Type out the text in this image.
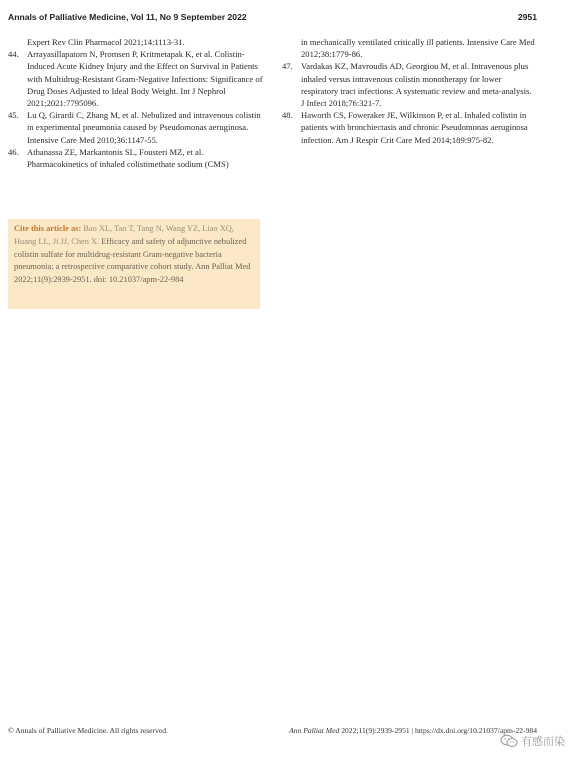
Annals of Palliative Medicine, Vol 11, No 9 September 2022	2951
Expert Rev Clin Pharmacol 2021;14:1113-31.
44. Arrayasillapatorn N, Promsen P, Kritmetapak K, et al. Colistin-Induced Acute Kidney Injury and the Effect on Survival in Patients with Multidrug-Resistant Gram-Negative Infections: Significance of Drug Doses Adjusted to Ideal Body Weight. Int J Nephrol 2021;2021:7795096.
45. Lu Q, Girardi C, Zhang M, et al. Nebulized and intravenous colistin in experimental pneumonia caused by Pseudomonas aeruginosa. Intensive Care Med 2010;36:1147-55.
46. Athanassa ZE, Markantonis SL, Fousteri MZ, et al. Pharmacokinetics of inhaled colistimethate sodium (CMS)
in mechanically ventilated critically ill patients. Intensive Care Med 2012;38:1779-86.
47. Vardakas KZ, Mavroudis AD, Georgiou M, et al. Intravenous plus inhaled versus intravenous colistin monotherapy for lower respiratory tract infections: A systematic review and meta-analysis. J Infect 2018;76:321-7.
48. Haworth CS, Foweraker JE, Wilkinson P, et al. Inhaled colistin in patients with bronchiectasis and chronic Pseudomonas aeruginosa infection. Am J Respir Crit Care Med 2014;189:975-82.
Cite this article as: Bao XL, Tao T, Tang N, Wang YZ, Liao XQ, Huang LL, Ji JJ, Chen X. Efficacy and safety of adjunctive nebulized colistin sulfate for multidrug-resistant Gram-negative bacteria pneumonia: a retrospective comparative cohort study. Ann Palliat Med 2022;11(9):2939-2951. doi: 10.21037/apm-22-984
© Annals of Palliative Medicine. All rights reserved.	Ann Palliat Med 2022;11(9):2939-2951 | https://dx.doi.org/10.21037/apm-22-984
有感而染
